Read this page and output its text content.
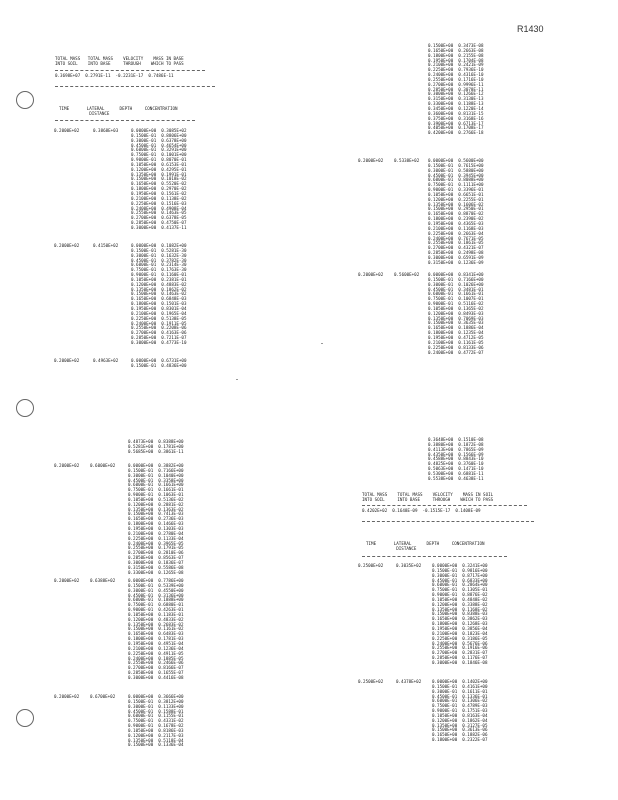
R1430
TOTAL MASS TOTAL MASS VELOCITY MASS IN BASE
INTO SOIL INTO BASE	THROUGH WHICH TO PASS
0.3698E+07 0.2791E-11 -0.2231E-17 0.7486E-11
TIME	LATERAL	DEPTH	CONCENTRATION
DISTANCE
0.2000E+02	0.3868E+03	0.0000E+00  0.3085E+02
0.1500E-01  0.8806E+00
0.3000E-01  0.6378E+00
0.4500E-01  0.4654E+00
0.6000E-01  0.3291E+00
0.7500E-01  0.1001E+00
0.9000E-01  0.8070E-01
0.1050E+00  0.6153E-01
0.1200E+00  0.4295E-01
0.1350E+00  0.1991E-01
0.1500E+00  0.1018E-02
0.1650E+00  0.5520E-02
0.1800E+00  0.2970E-02
0.1950E+00  0.1561E-02
0.2100E+00  0.1138E-02
0.2250E+00  0.1516E-03
0.2400E+00  0.4908E-04
0.2550E+00  0.1463E-05
0.2700E+00  0.6378E-05
0.2850E+00  0.4750E-07
0.3000E+00  0.4137E-11
0.2000E+02	0.4150E+02	0.0000E+00  0.1082E+00
0.1500E-01  0.5281E-30
0.3000E-01  0.1632E-30
0.4500E-01  0.3782E-30
0.6000E-01  0.2314E-30
0.7500E-01  0.1763E-30
0.9000E-01  0.1160E-01
0.1050E+00  0.2381E-01
0.1200E+00  0.4883E-02
0.1350E+00  0.1862E-02
0.1500E+00  0.1463E-02
0.1650E+00  0.6848E-03
0.1800E+00  0.1501E-03
0.1950E+00  0.8301E-04
0.2100E+00  0.1965E-04
0.2250E+00  0.5138E-05
0.2400E+00  0.1911E-05
0.2550E+00  0.2208E-06
0.2700E+00  0.4163E-06
0.2850E+00  0.7211E-07
0.3000E+00  0.4773E-10
0.2000E+02	0.4963E+02	0.0000E+00  0.6731E+00
0.1500E-01  0.4836E+00
0.1500E+00  0.3473E-08
0.1650E+00  0.2663E-08
0.1800E+00  0.2155E-08
0.1950E+00  0.1704E-08
0.2100E+00  0.2421E-09
0.2250E+00  0.7936E-10
0.2400E+00  0.4316E-10
0.2550E+00  0.1716E-10
0.2700E+00  0.9996E-11
0.2850E+00  0.3078E-11
0.3000E+00  0.1266E-12
0.3150E+00  0.3130E-13
0.3300E+00  0.1188E-13
0.3450E+00  0.1220E-14
0.3600E+00  0.8131E-15
0.3750E+00  0.3168E-16
0.3900E+00  0.6713E-17
0.4050E+00  0.1708E-17
0.4200E+00  0.2766E-18
0.2000E+02	0.5338E+02 0.0000E+00  0.5600E+00
0.1500E-01  0.7615E+00
0.3000E-01  0.5880E+00
0.4500E-01  0.3945E+00
0.6000E-01  0.8088E+00
0.7500E-01  0.1111E+00
0.9000E-01  0.3396E-01
0.1050E+00  0.6651E-01
0.1200E+00  0.2255E-01
0.1350E+00  0.1606E-02
0.1500E+00  0.2950E-01
0.1650E+00  0.8870E-02
0.1800E+00  0.2390E-02
0.1950E+00  0.4365E-03
0.2100E+00  0.1168E-03
0.2250E+00  0.2663E-04
0.2400E+00  0.7671E-05
0.2550E+00  0.1861E-05
0.2700E+00  0.4321E-07
0.2850E+00  0.2498E-08
0.3000E+00  0.6591E-09
0.3150E+00  0.1236E-09
0.2000E+02	0.5600E+02 0.0000E+00  0.8341E+00
0.1500E-01  0.7166E+00
0.3000E-01  0.1026E+00
0.4500E-01  0.3481E-01
0.6000E-01  0.1661E-01
0.7500E-01  0.1007E-01
0.9000E-01  0.5116E-02
0.1050E+00  0.1365E-02
0.1200E+00  0.8493E-03
0.1350E+00  0.7069E-03
0.1500E+00  0.3635E-03
0.1650E+00  0.1886E-04
0.1800E+00  0.1235E-04
0.1950E+00  0.4712E-05
0.2100E+00  0.1161E-05
0.2250E+00  0.8133E-06
0.2400E+00  0.4772E-07
0.4873E+00  0.8388E+00
0.5281E+00  0.1781E+00
0.5685E+00  0.3861E-11
0.2000E+02	0.6000E+02	0.0000E+00  0.3882E+00
0.1500E-01  0.7166E+00
0.3000E-01  0.1040E+00
0.4500E-01  0.3358E+00
0.6000E-01  0.1661E+00
0.7500E-01  0.1661E-01
0.9000E-01  0.1063E-01
0.1050E+00  0.5136E-02
0.1200E+00  0.2881E-02
0.1350E+00  0.1363E-02
0.1500E+00  0.7413E-03
0.1650E+00  0.2736E-03
0.1800E+00  0.1466E-03
0.1950E+00  0.1303E-03
0.2100E+00  0.2780E-04
0.2250E+00  0.1133E-04
0.2400E+00  0.3965E-05
0.2550E+00  0.1791E-05
0.2700E+00  0.2810E-06
0.2850E+00  0.8563E-07
0.3000E+00  0.1836E-07
0.3150E+00  0.5586E-08
0.3300E+00  0.1265E-08
0.2000E+02	0.6388E+02	0.0000E+00  0.7786E+00
0.1500E-01  0.5339E+00
0.3000E-01  0.4550E+00
0.4500E-01  0.3136E+00
0.6000E-01  0.1888E+00
0.7500E-01  0.6880E-01
0.9000E-01  0.4263E-01
0.1050E+00  0.1183E-01
0.1200E+00  0.4833E-02
0.1350E+00  0.2683E-02
0.1500E+00  0.1161E-02
0.1650E+00  0.6483E-03
0.1800E+00  0.1781E-03
0.1950E+00  0.4951E-04
0.2100E+00  0.1236E-04
0.2250E+00  0.4911E-05
0.2400E+00  0.1885E-05
0.2550E+00  0.2466E-06
0.2700E+00  0.8166E-07
0.2850E+00  0.1655E-07
0.3000E+00  0.4416E-08
0.2000E+02	0.6700E+02	0.0000E+00  0.3666E+00
0.1500E-01  0.3812E+00
0.3000E-01  0.1133E+00
0.4500E-01  0.1588E-01
0.6000E-01  0.1155E-01
0.7500E-01  0.4331E-02
0.9000E-01  0.1678E-02
0.1050E+00  0.8186E-03
0.1200E+00  0.2117E-03
0.1350E+00  0.5118E-04
0.1500E+00  0.1336E-04
0.3648E+00  0.1510E-08
0.3880E+00  0.1872E-08
0.4113E+00  0.7865E-09
0.4350E+00  0.1566E-09
0.4588E+00  0.8843E-10
0.4825E+00  0.3760E-10
0.5063E+00  0.1471E-10
0.5300E+00  0.6881E-11
0.5538E+00  0.4638E-11
TOTAL MASS TOTAL MASS VELOCITY MASS IN SOIL
INTO SOIL	INTO BASE	THROUGH WHICH TO PASS
0.4202E+02 0.1648E-09 -0.1515E-17 0.1408E-09
TIME	LATERAL	DEPTH	CONCENTRATION
DISTANCE
0.2500E+02	0.3035E+02	0.0000E+00  0.3241E+00
0.1500E-01  0.9816E+00
0.3000E-01  0.8717E+00
0.4500E-01  0.6833E+00
0.6000E-01  0.2864E+00
0.7500E-01  0.1305E-01
0.9000E-01  0.8876E-02
0.1050E+00  0.4848E-02
0.1200E+00  0.3388E-02
0.1350E+00  0.1168E-02
0.1500E+00  0.8388E-03
0.1650E+00  0.3862E-03
0.1800E+00  0.1268E-03
0.1950E+00  0.3856E-04
0.2100E+00  0.1823E-04
0.2250E+00  0.3186E-05
0.2400E+00  0.5676E-06
0.2550E+00  0.1916E-06
0.2700E+00  0.2831E-07
0.2850E+00  0.1176E-07
0.3000E+00  0.1846E-08
0.2500E+02	0.4378E+02	0.0000E+00  0.1402E+00
0.1500E-01  0.4161E+00
0.3000E-01  0.1611E-01
0.4500E-01  0.1336E-01
0.6000E-01  0.1306E-02
0.7500E-01  0.4789E-03
0.9000E-01  0.1751E-03
0.1050E+00  0.8163E-04
0.1200E+00  0.1862E-04
0.1350E+00  0.3127E-05
0.1500E+00  0.3613E-06
0.1650E+00  0.1882E-06
0.1800E+00  0.2322E-07
